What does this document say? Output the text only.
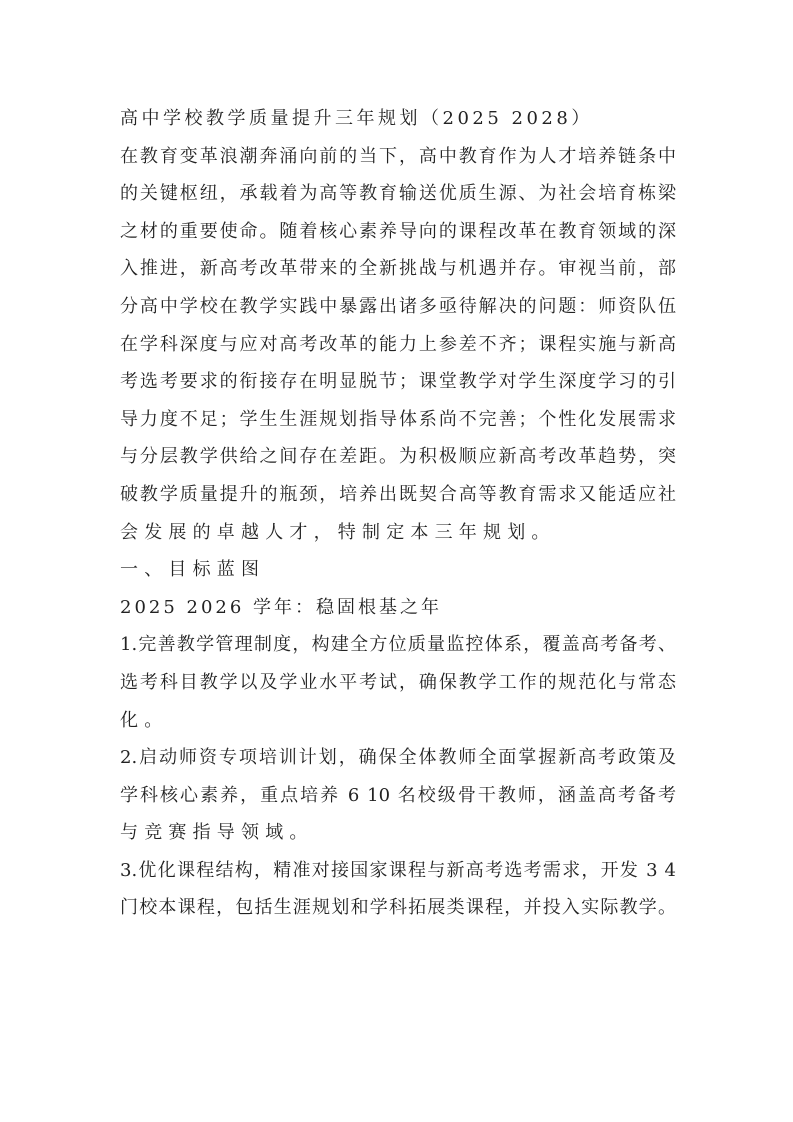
高中学校教学质量提升三年规划（2025 2028）
在教育变革浪潮奔涌向前的当下，高中教育作为人才培养链条中
的关键枢纽，承载着为高等教育输送优质生源、为社会培育栋梁
之材的重要使命。随着核心素养导向的课程改革在教育领域的深
入推进，新高考改革带来的全新挑战与机遇并存。审视当前，部
分高中学校在教学实践中暴露出诸多亟待解决的问题：师资队伍
在学科深度与应对高考改革的能力上参差不齐；课程实施与新高
考选考要求的衔接存在明显脱节；课堂教学对学生深度学习的引
导力度不足；学生生涯规划指导体系尚不完善；个性化发展需求
与分层教学供给之间存在差距。为积极顺应新高考改革趋势，突
破教学质量提升的瓶颈，培养出既契合高等教育需求又能适应社
会发展的卓越人才，特制定本三年规划。
一、目标蓝图
2025 2026 学年：稳固根基之年
1.完善教学管理制度，构建全方位质量监控体系，覆盖高考备考、
选考科目教学以及学业水平考试，确保教学工作的规范化与常态
化。
2.启动师资专项培训计划，确保全体教师全面掌握新高考政策及
学科核心素养，重点培养 6 10 名校级骨干教师，涵盖高考备考
与竞赛指导领域。
3.优化课程结构，精准对接国家课程与新高考选考需求，开发 3 4
门校本课程，包括生涯规划和学科拓展类课程，并投入实际教学。
